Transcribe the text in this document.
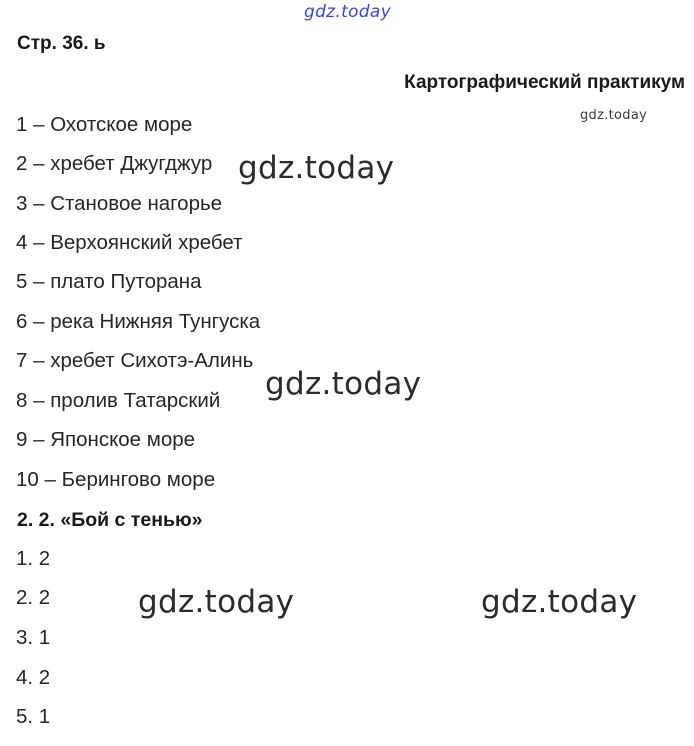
gdz.today
Стр. 36. ь
Картографический практикум
gdz.today
1 – Охотское море
2 – хребет Джугджур
3 – Становое нагорье
4 – Верхоянский хребет
5 – плато Путорана
6 – река Нижняя Тунгуска
7 – хребет Сихотэ-Алинь
8 – пролив Татарский
9 – Японское море
10 – Берингово море
2. 2. «Бой с тенью»
1. 2
2. 2
3. 1
4. 2
5. 1
gdz.today
gdz.today
gdz.today	gdz.today
